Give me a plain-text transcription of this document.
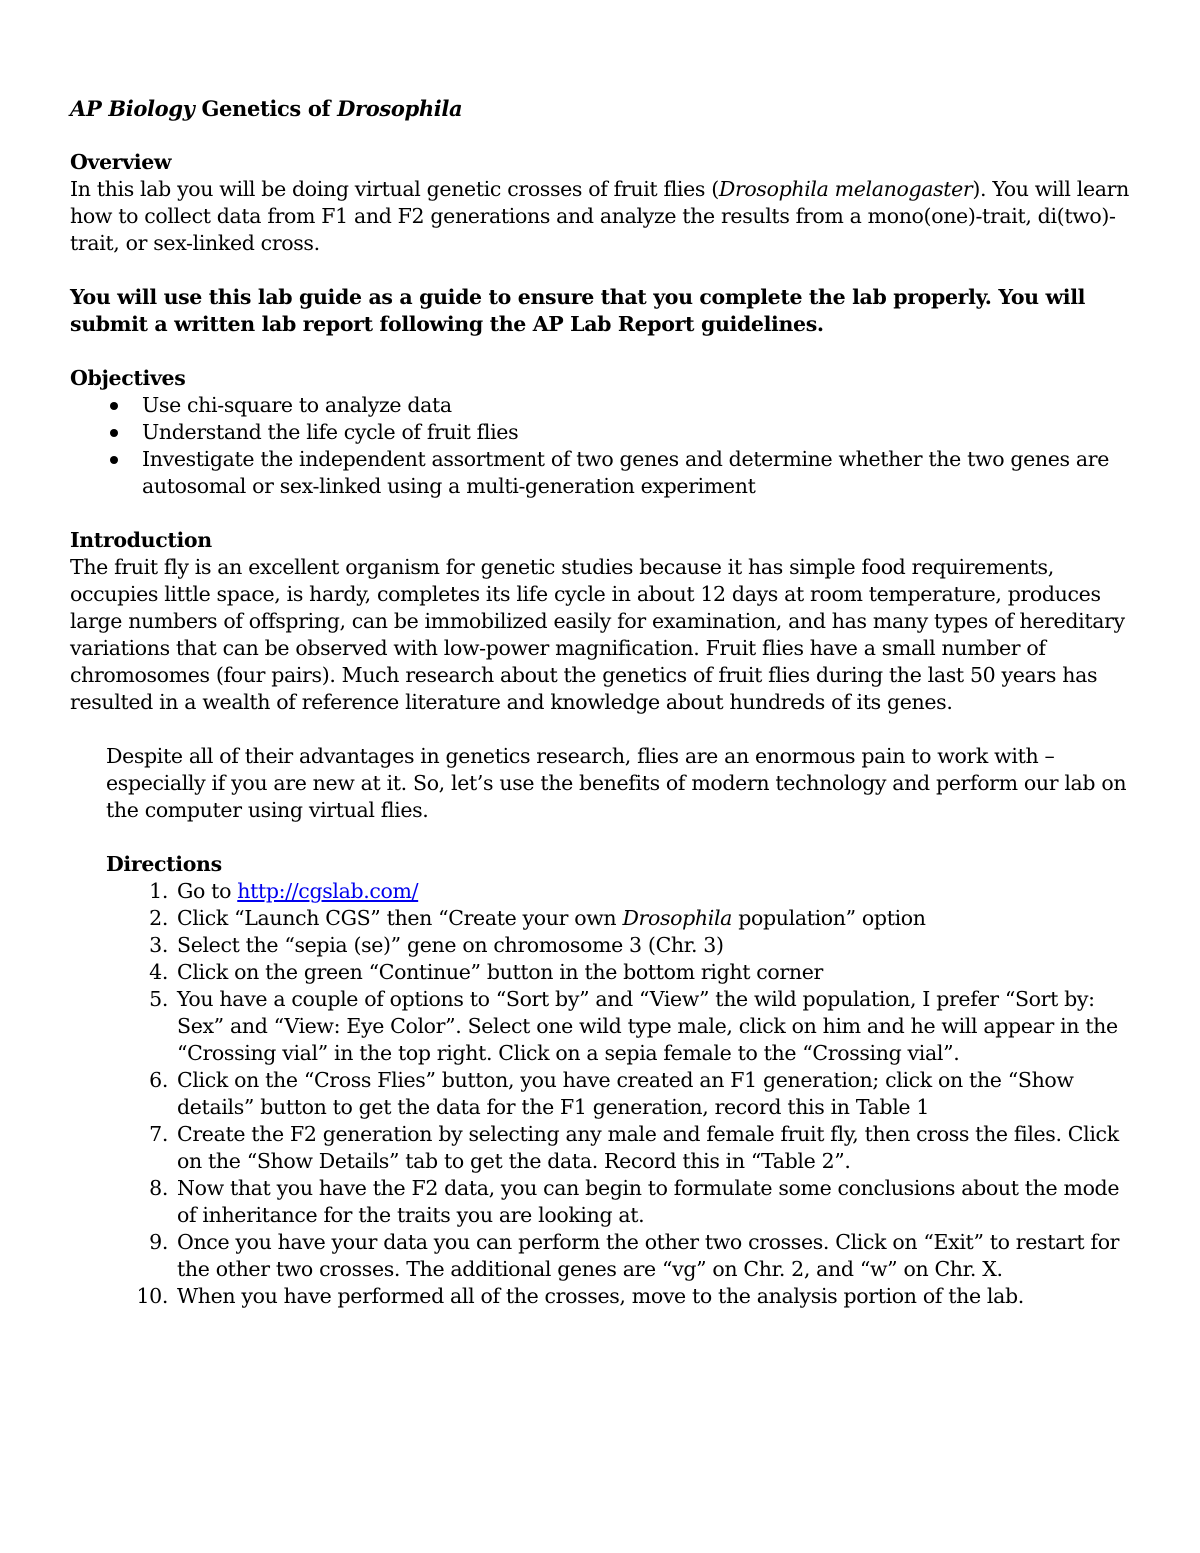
AP Biology Genetics of Drosophila

Overview

In this lab you will be doing virtual genetic crosses of fruit flies (Drosophila melanogaster). You will learn how to collect data from F1 and F2 generations and analyze the results from a mono(one)-trait, di(two)-trait, or sex-linked cross.

You will use this lab guide as a guide to ensure that you complete the lab properly. You will submit a written lab report following the AP Lab Report guidelines.

Objectives

Use chi-square to analyze data
Understand the life cycle of fruit flies
Investigate the independent assortment of two genes and determine whether the two genes are autosomal or sex-linked using a multi-generation experiment

Introduction

The fruit fly is an excellent organism for genetic studies because it has simple food requirements, occupies little space, is hardy, completes its life cycle in about 12 days at room temperature, produces large numbers of offspring, can be immobilized easily for examination, and has many types of hereditary variations that can be observed with low-power magnification. Fruit flies have a small number of chromosomes (four pairs). Much research about the genetics of fruit flies during the last 50 years has resulted in a wealth of reference literature and knowledge about hundreds of its genes.

Despite all of their advantages in genetics research, flies are an enormous pain to work with – especially if you are new at it. So, let’s use the benefits of modern technology and perform our lab on the computer using virtual flies.

Directions

1. Go to http://cgslab.com/
2. Click “Launch CGS” then “Create your own Drosophila population” option
3. Select the “sepia (se)” gene on chromosome 3 (Chr. 3)
4. Click on the green “Continue” button in the bottom right corner
5. You have a couple of options to “Sort by” and “View” the wild population, I prefer “Sort by: Sex” and “View: Eye Color”. Select one wild type male, click on him and he will appear in the “Crossing vial” in the top right. Click on a sepia female to the “Crossing vial”.
6. Click on the “Cross Flies” button, you have created an F1 generation; click on the “Show details” button to get the data for the F1 generation, record this in Table 1
7. Create the F2 generation by selecting any male and female fruit fly, then cross the files. Click on the “Show Details” tab to get the data. Record this in “Table 2”.
8. Now that you have the F2 data, you can begin to formulate some conclusions about the mode of inheritance for the traits you are looking at.
9. Once you have your data you can perform the other two crosses. Click on “Exit” to restart for the other two crosses. The additional genes are “vg” on Chr. 2, and “w” on Chr. X.
10. When you have performed all of the crosses, move to the analysis portion of the lab.
